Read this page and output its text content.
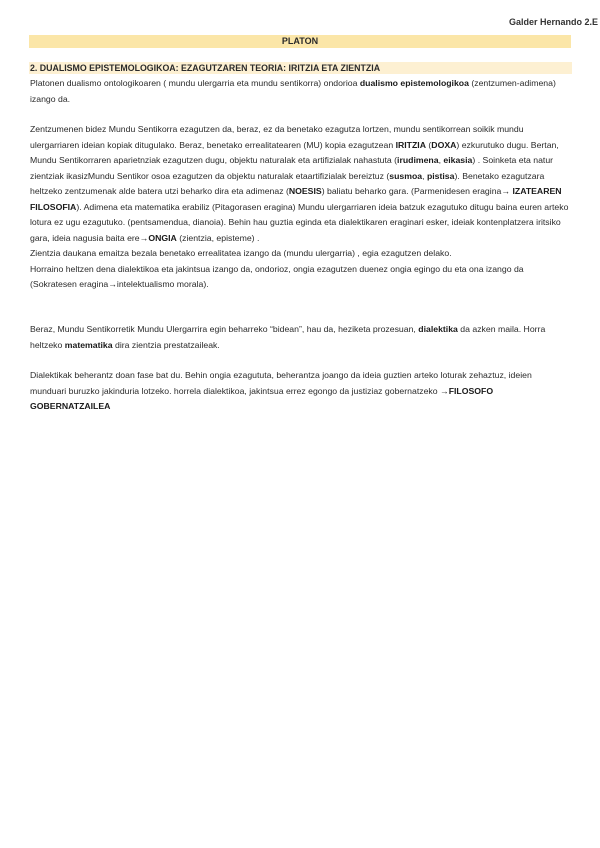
Galder Hernando 2.E
PLATON
2. DUALISMO EPISTEMOLOGIKOA: EZAGUTZAREN TEORIA: IRITZIA ETA ZIENTZIA

Platonen dualismo ontologikoaren ( mundu ulergarria eta mundu sentikorra) ondorioa dualismo epistemologikoa (zentzumen-adimena) izango da.

Zentzumenen bidez Mundu Sentikorra ezagutzen da, beraz, ez da benetako ezagutza lortzen, mundu sentikorrean soikik mundu ulergarriaren ideian kopiak ditugulako. Beraz, benetako errealitatearen (MU) kopia ezagutzean IRITZIA (DOXA) ezkurutuko dugu. Bertan, Mundu Sentikorraren aparietnziak ezagutzen dugu, objektu naturalak eta artifizialak nahastuta (irudimena, eikasia) . Soinketa eta natur zientziak ikasizMundu Sentikor osoa ezagutzen da objektu naturalak etaartifizialak bereiztuz (susmoa, pistisa). Benetako ezagutzara heltzeko zentzumenak alde batera utzi beharko dira eta adimenaz (NOESIS) baliatu beharko gara. (Parmenidesen eragina→ IZATEAREN FILOSOFIA). Adimena eta matematika erabiliz (Pitagorasen eragina) Mundu ulergarriaren ideia batzuk ezagutuko ditugu baina euren arteko lotura ez ugu ezagutuko. (pentsamendua, dianoia). Behin hau guztia eginda eta dialektikaren eraginari esker, ideiak kontenplatzera iritsiko gara, ideia nagusia baita ere→ONGIA (zientzia, episteme) .

Zientzia daukana emaitza bezala benetako errealitatea izango da (mundu ulergarria) , egia ezagutzen delako.

Horraino heltzen dena dialektikoa eta jakintsua izango da, ondorioz, ongia ezagutzen duenez ongia egingo du eta ona izango da (Sokratesen eragina→intelektualismo morala).

Beraz, Mundu Sentikorretik Mundu Ulergarrira egin beharreko “bidean”, hau da, heziketa prozesuan, dialektika da azken maila. Horra heltzeko matematika dira zientzia prestatzaileak.

Dialektikak beherantz doan fase bat du. Behin ongia ezagututa, beherantza joango da ideia guztien arteko loturak zehaztuz, ideien munduari buruzko jakinduria lotzeko. horrela dialektikoa, jakintsua errez egongo da justiziaz gobernatzeko →FILOSOFO GOBERNATZAILEA
